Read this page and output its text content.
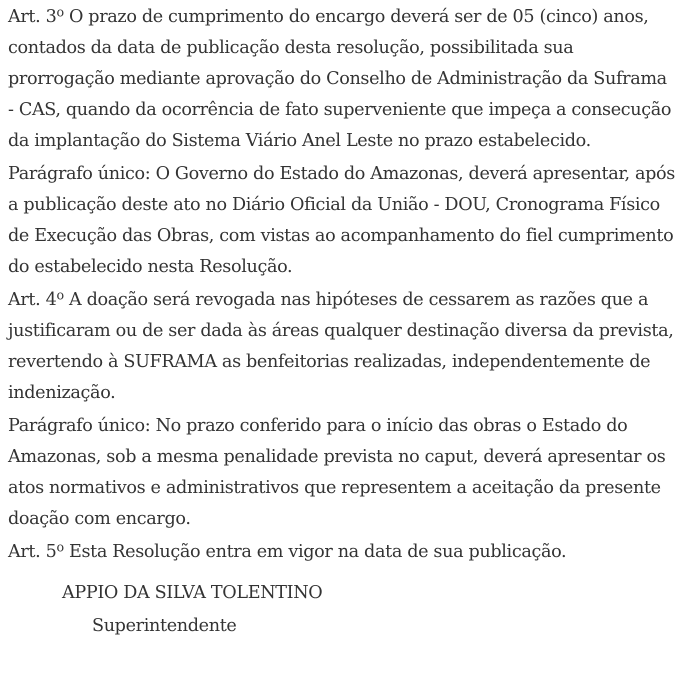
Art. 3$^o$ O prazo de cumprimento do encargo deverá ser de 05 (cinco) anos, contados da data de publicação desta resolução, possibilitada sua prorrogação mediante aprovação do Conselho de Administração da Suframa - CAS, quando da ocorrência de fato superveniente que impeça a consecução da implantação do Sistema Viário Anel Leste no prazo estabelecido.

Parágrafo único: O Governo do Estado do Amazonas, deverá apresentar, após a publicação deste ato no Diário Oficial da União - DOU, Cronograma Físico de Execução das Obras, com vistas ao acompanhamento do fiel cumprimento do estabelecido nesta Resolução.

Art. 4$^o$ A doação será revogada nas hipóteses de cessarem as razões que a justificaram ou de ser dada às áreas qualquer destinação diversa da prevista, revertendo à SUFRAMA as benfeitorias realizadas, independentemente de indenização.

Parágrafo único: No prazo conferido para o início das obras o Estado do Amazonas, sob a mesma penalidade prevista no caput, deverá apresentar os atos normativos e administrativos que representem a aceitação da presente doação com encargo.

Art. 5$^o$ Esta Resolução entra em vigor na data de sua publicação.

APPIO DA SILVA TOLENTINO
Superintendente
